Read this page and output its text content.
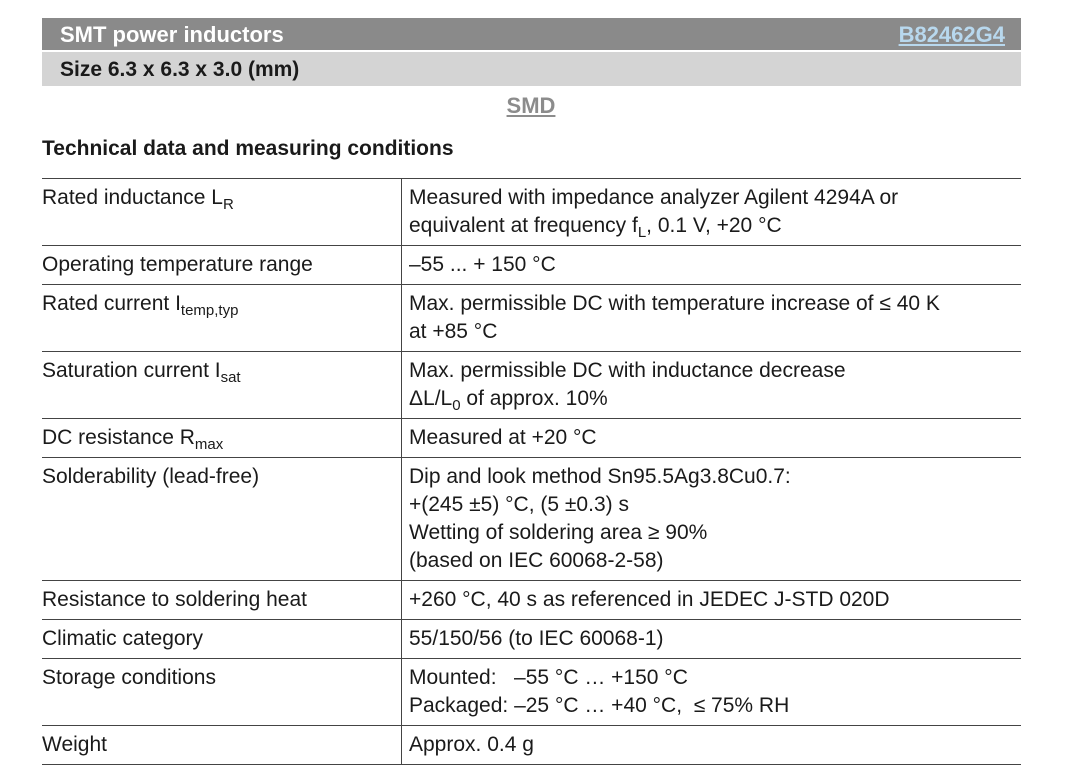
SMT power inductors	B82462G4
Size 6.3 x 6.3 x 3.0 (mm)
SMD
Technical data and measuring conditions
Rated inductance $L_R$	Measured with impedance analyzer Agilent 4294A or
equivalent at frequency $f_L$, 0.1 V, +20 °C

Operating temperature range	–55 ... + 150 °C

Rated current $I_{temp,typ}$	Max. permissible DC with temperature increase of ≤ 40 K
at +85 °C

Saturation current $I_{sat}$	Max. permissible DC with inductance decrease
$\Delta L/L_0$ of approx. 10%

DC resistance $R_{max}$	Measured at +20 °C

Solderability (lead-free)	Dip and look method Sn95.5Ag3.8Cu0.7:
+(245 ±5) °C, (5 ±0.3) s
Wetting of soldering area ≥ 90%
(based on IEC 60068-2-58)

Resistance to soldering heat	+260 °C, 40 s as referenced in JEDEC J-STD 020D

Climatic category	55/150/56 (to IEC 60068-1)

Storage conditions	Mounted:   –55 °C … +150 °C
Packaged: –25 °C … +40 °C,  ≤ 75% RH

Weight	Approx. 0.4 g
